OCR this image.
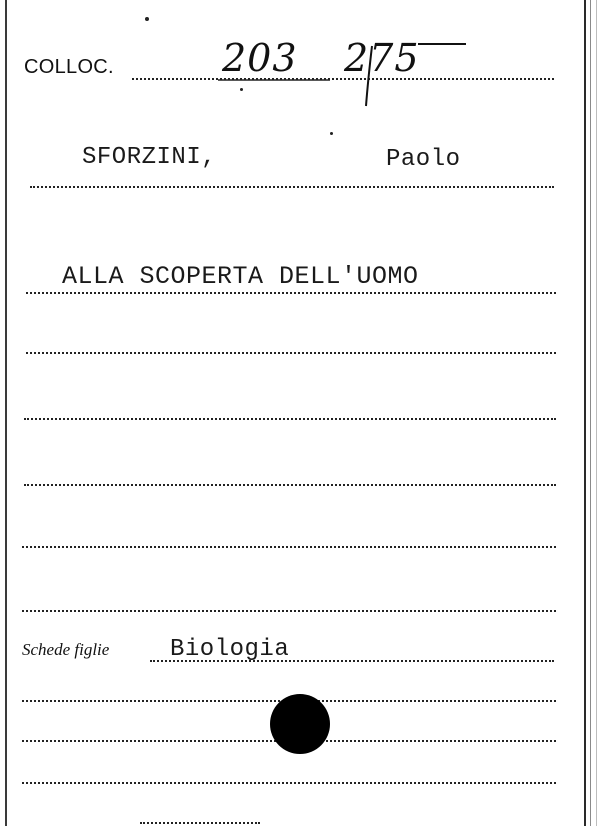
COLLOC.	203 275
SFORZINI,	Paolo
ALLA SCOPERTA DELL'UOMO
Schede figlie	Biologia
